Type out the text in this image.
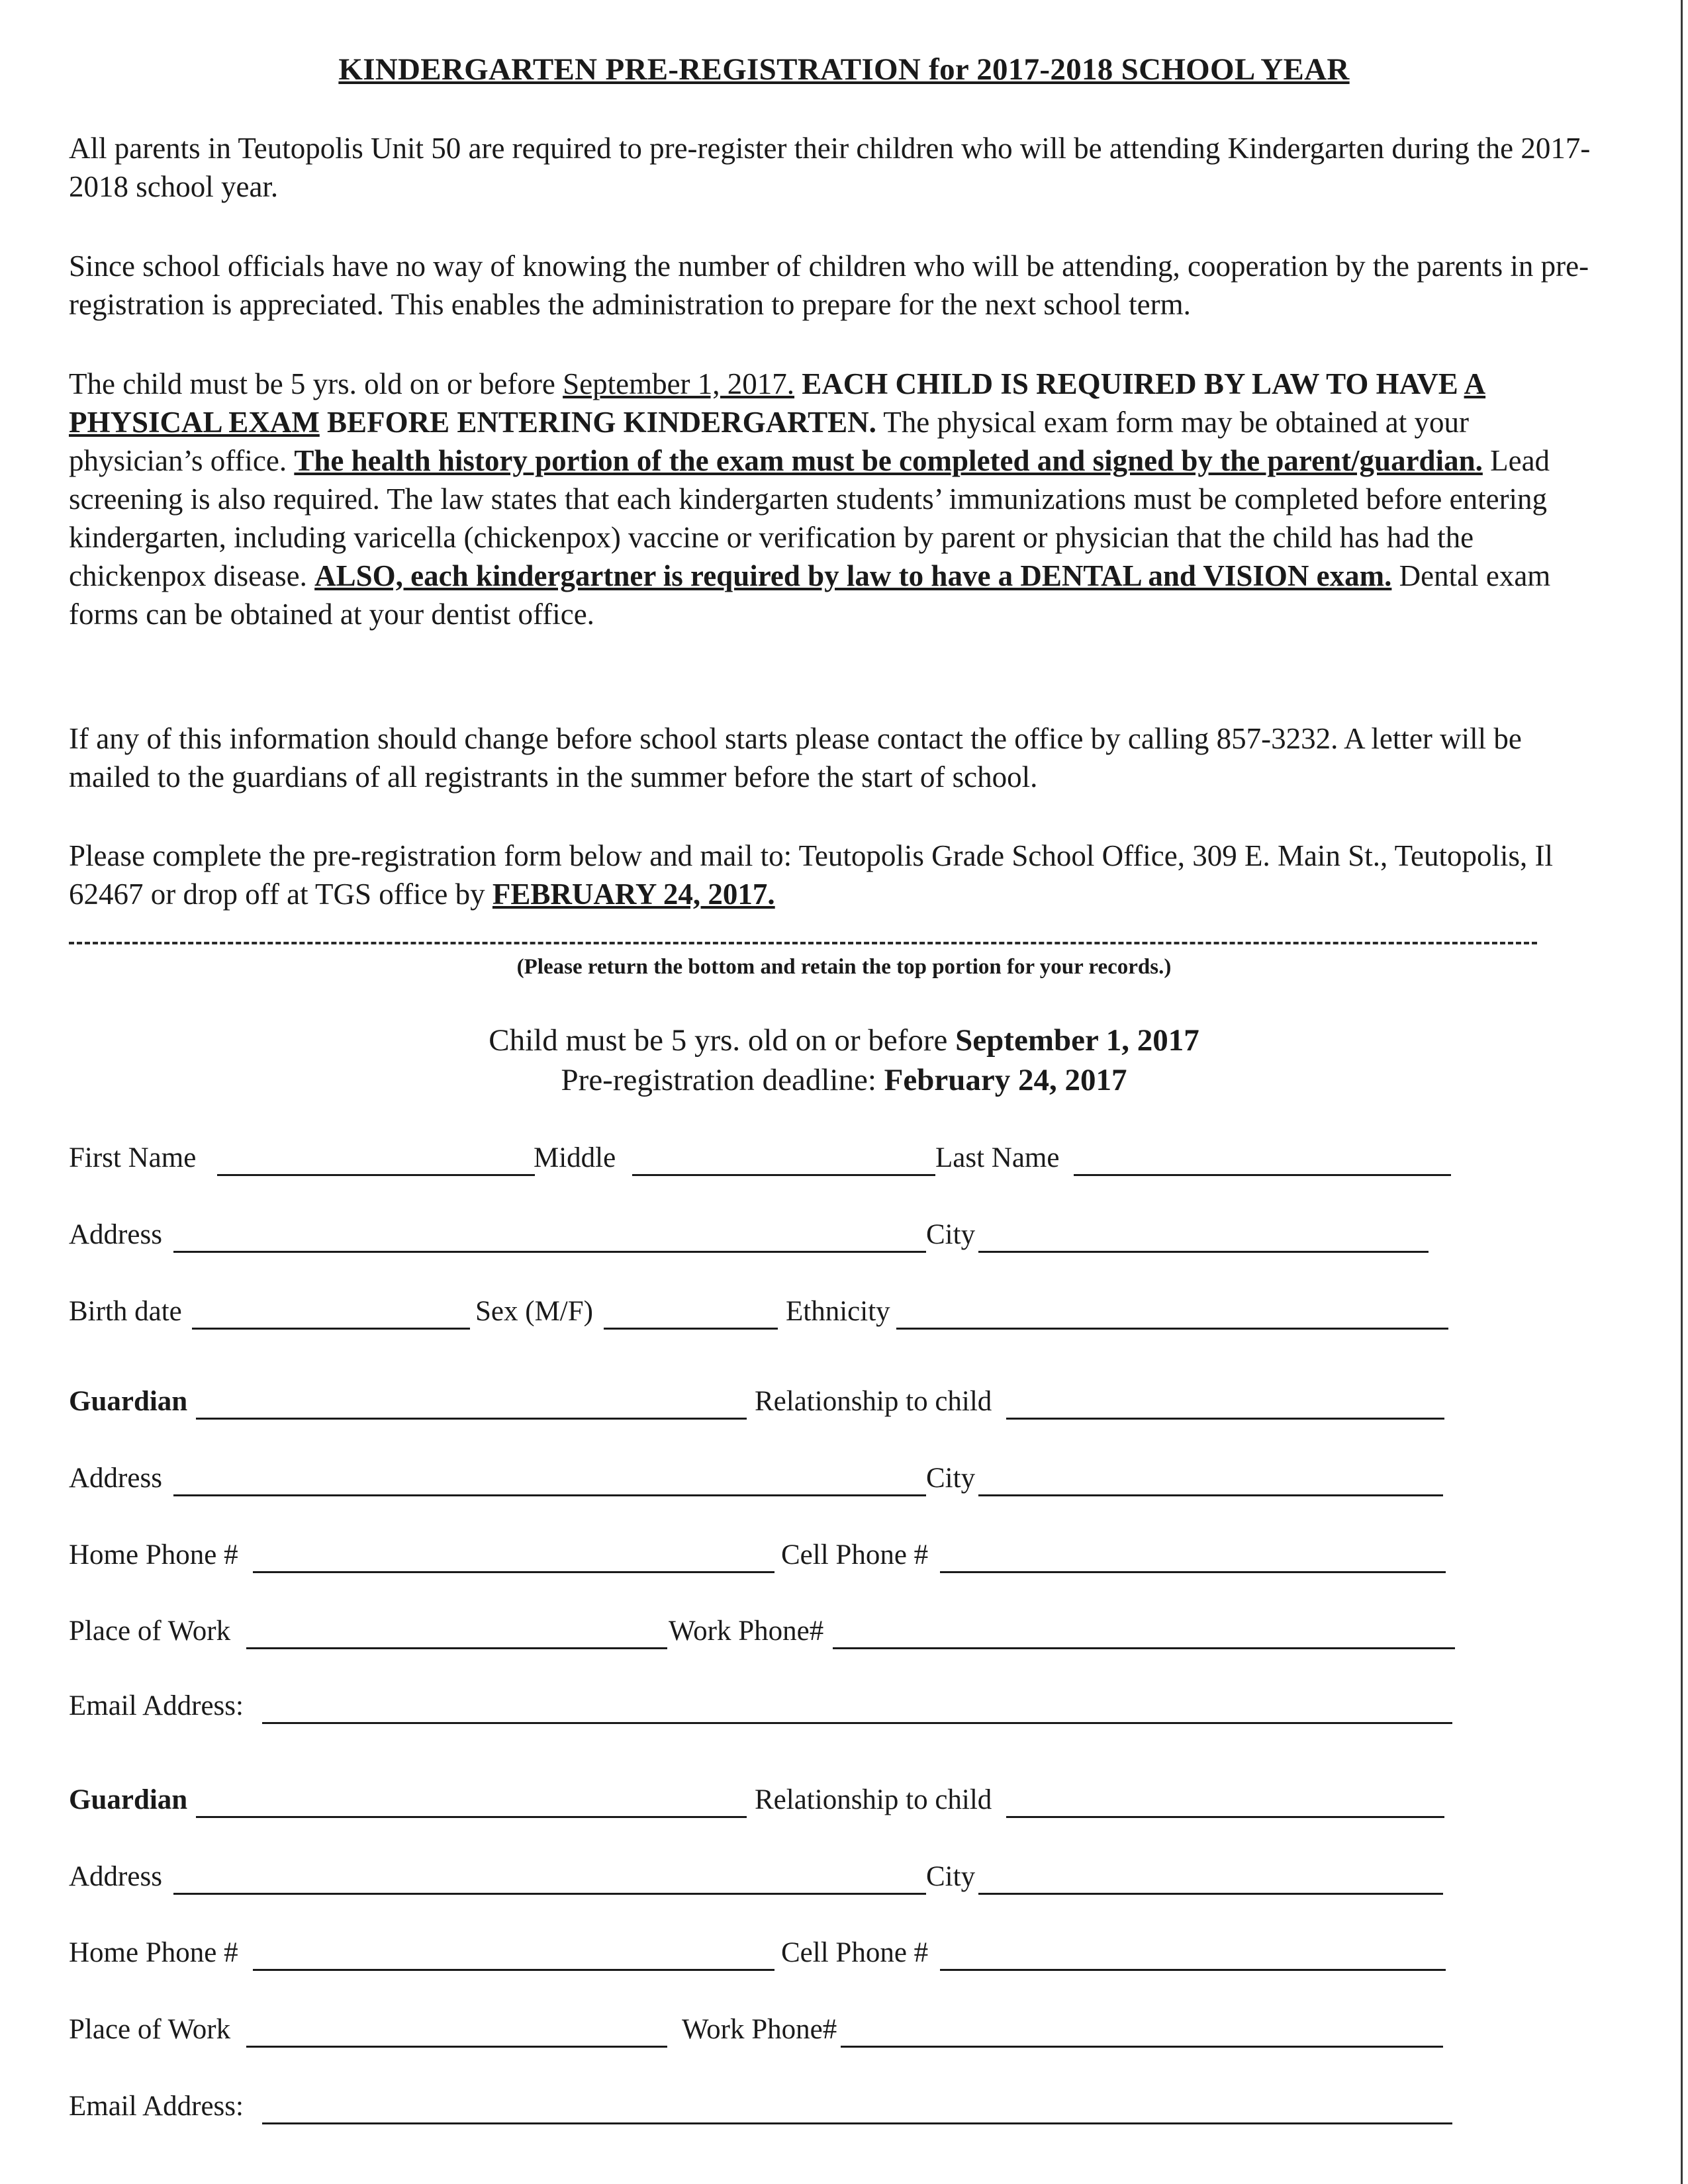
KINDERGARTEN PRE-REGISTRATION for 2017-2018 SCHOOL YEAR
All parents in Teutopolis Unit 50 are required to pre-register their children who will be attending Kindergarten during the 2017-2018 school year.
Since school officials have no way of knowing the number of children who will be attending, cooperation by the parents in pre-registration is appreciated. This enables the administration to prepare for the next school term.
The child must be 5 yrs. old on or before September 1, 2017. EACH CHILD IS REQUIRED BY LAW TO HAVE A PHYSICAL EXAM BEFORE ENTERING KINDERGARTEN. The physical exam form may be obtained at your physician’s office. The health history portion of the exam must be completed and signed by the parent/guardian. Lead screening is also required. The law states that each kindergarten students’ immunizations must be completed before entering kindergarten, including varicella (chickenpox) vaccine or verification by parent or physician that the child has had the chickenpox disease. ALSO, each kindergartner is required by law to have a DENTAL and VISION exam. Dental exam forms can be obtained at your dentist office.
If any of this information should change before school starts please contact the office by calling 857-3232. A letter will be mailed to the guardians of all registrants in the summer before the start of school.
Please complete the pre-registration form below and mail to: Teutopolis Grade School Office, 309 E. Main St., Teutopolis, Il 62467 or drop off at TGS office by FEBRUARY 24, 2017.
(Please return the bottom and retain the top portion for your records.)
Child must be 5 yrs. old on or before September 1, 2017
Pre-registration deadline: February 24, 2017
First Name	Middle	Last Name
Address	City
Birth date	Sex (M/F)	Ethnicity
Guardian	Relationship to child
Address	City
Home Phone #	Cell Phone #
Place of Work	Work Phone#
Email Address:
Guardian	Relationship to child
Address	City
Home Phone #	Cell Phone #
Place of Work	Work Phone#
Email Address:
